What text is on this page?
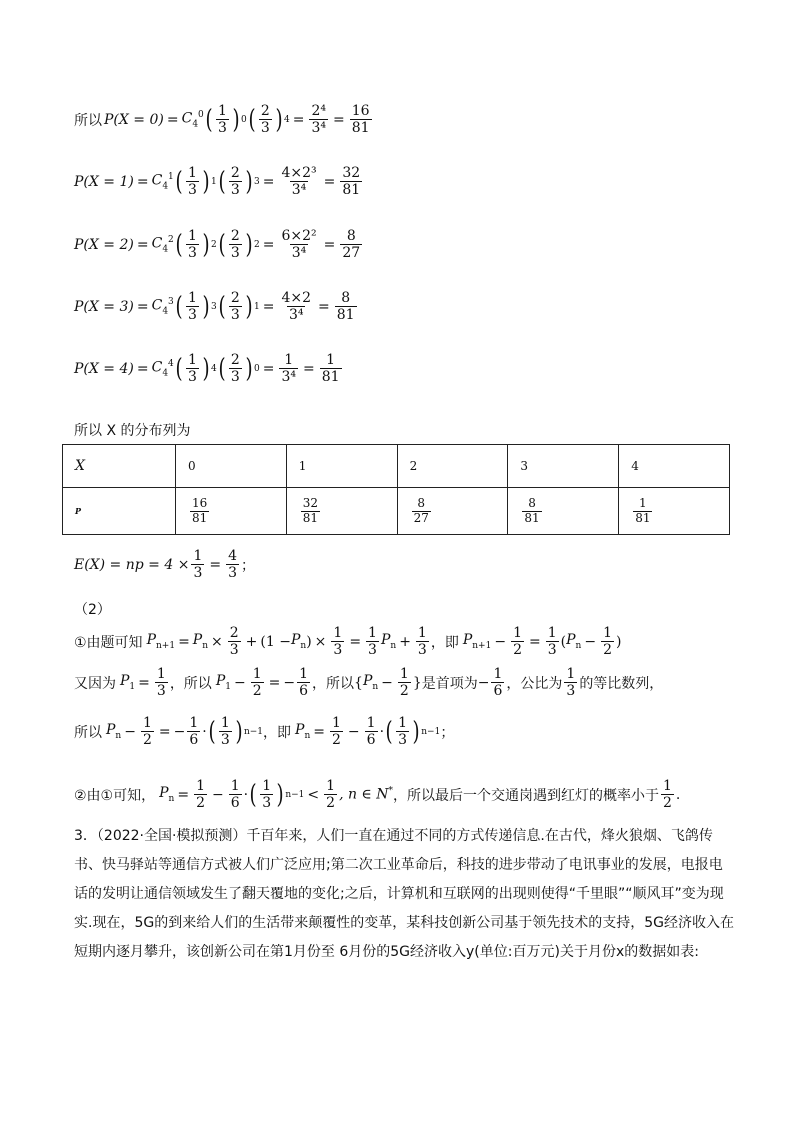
所以 $P(X = 0) = C_4^0$ ( $\frac{1}{3}$ ) 0 ( $\frac{2}{3}$ ) $4 = \frac{\text{2⁴}}{\text{3⁴}} = \frac{16}{81}$
$P(X = 1) = C_4^1$ ( $\frac{1}{3}$ ) 1 ( $\frac{2}{3}$ ) $3 = \frac{\text{4×2³}}{\text{3⁴}} = \frac{32}{81}$
$P(X = 2) = C_4^2$ ( $\frac{1}{3}$ ) 2 ( $\frac{2}{3}$ ) $2 = \frac{\text{6×2²}}{\text{3⁴}} = \frac{8}{27}$
$P(X = 3) = C_4^3$ ( $\frac{1}{3}$ ) 3 ( $\frac{2}{3}$ ) $1 = \frac{4\times 2}{\text{3⁴}} = \frac{8}{81}$
$P(X = 4) = C_4^4$ ( $\frac{1}{3}$ ) 4 ( $\frac{2}{3}$ ) $0 = \frac{1}{\text{3⁴}} = \frac{1}{81}$
所以 X 的分布列为
X	0	1	2	3	4
P	$\frac{16}{81}$	$\frac{32}{81}$	$\frac{8}{27}$	$\frac{8}{81}$	$\frac{1}{81}$
E(X) = np = $4 \times \frac{1}{3} = \frac{4}{3}$ ；
（2）
①由题可知 $P_{n+1} = P_n \times \frac{2}{3} + (1 - P_n$ ) × $\frac{1}{3} = \frac{1}{3} P_n + \frac{1}{3}$ ，即 $P_{n+1} - \frac{1}{2} = \frac{1}{3}$ ( $P_n - \frac{1}{2}$ )
又因为 $P_1 = \frac{1}{3}$ ，所以 $P_1 - \frac{1}{2}$ = − $\frac{1}{6}$ ，所以 { $P_n - \frac{1}{2}$ } 是首项为 − $\frac{1}{6}$ ，公比为 $\frac{1}{3}$ 的等比数列，
所以 $P_n - \frac{1}{2}$ = − $\frac{1}{6}$ · ( $\frac{1}{3}$ ) n−1 ，即 $P_n = \frac{1}{2} - \frac{1}{6}$ · ( $\frac{1}{3}$ ) n−1 ；
②由①可知， $P_n = \frac{1}{2} - \frac{1}{6}$ · ( $\frac{1}{3}$ ) $n-1 < \frac{1}{2}$ , n ∈ N* ，所以最后一个交通岗遇到红灯的概率小于 $\frac{1}{2}$ .
3．（2022·全国·模拟预测）千百年来，人们一直在通过不同的方式传递信息.在古代，烽火狼烟、飞鸽传书、快马驿站等通信方式被人们广泛应用;第二次工业革命后，科技的进步带动了电讯事业的发展，电报电话的发明让通信领域发生了翻天覆地的变化;之后，计算机和互联网的出现则使得“千里眼”“顺风耳”变为现实.现在，5G的到来给人们的生活带来颠覆性的变革，某科技创新公司基于领先技术的支持，5G经济收入在短期内逐月攀升，该创新公司在第1月份至 6月份的5G经济收入y(单位:百万元)关于月份x的数据如表:
